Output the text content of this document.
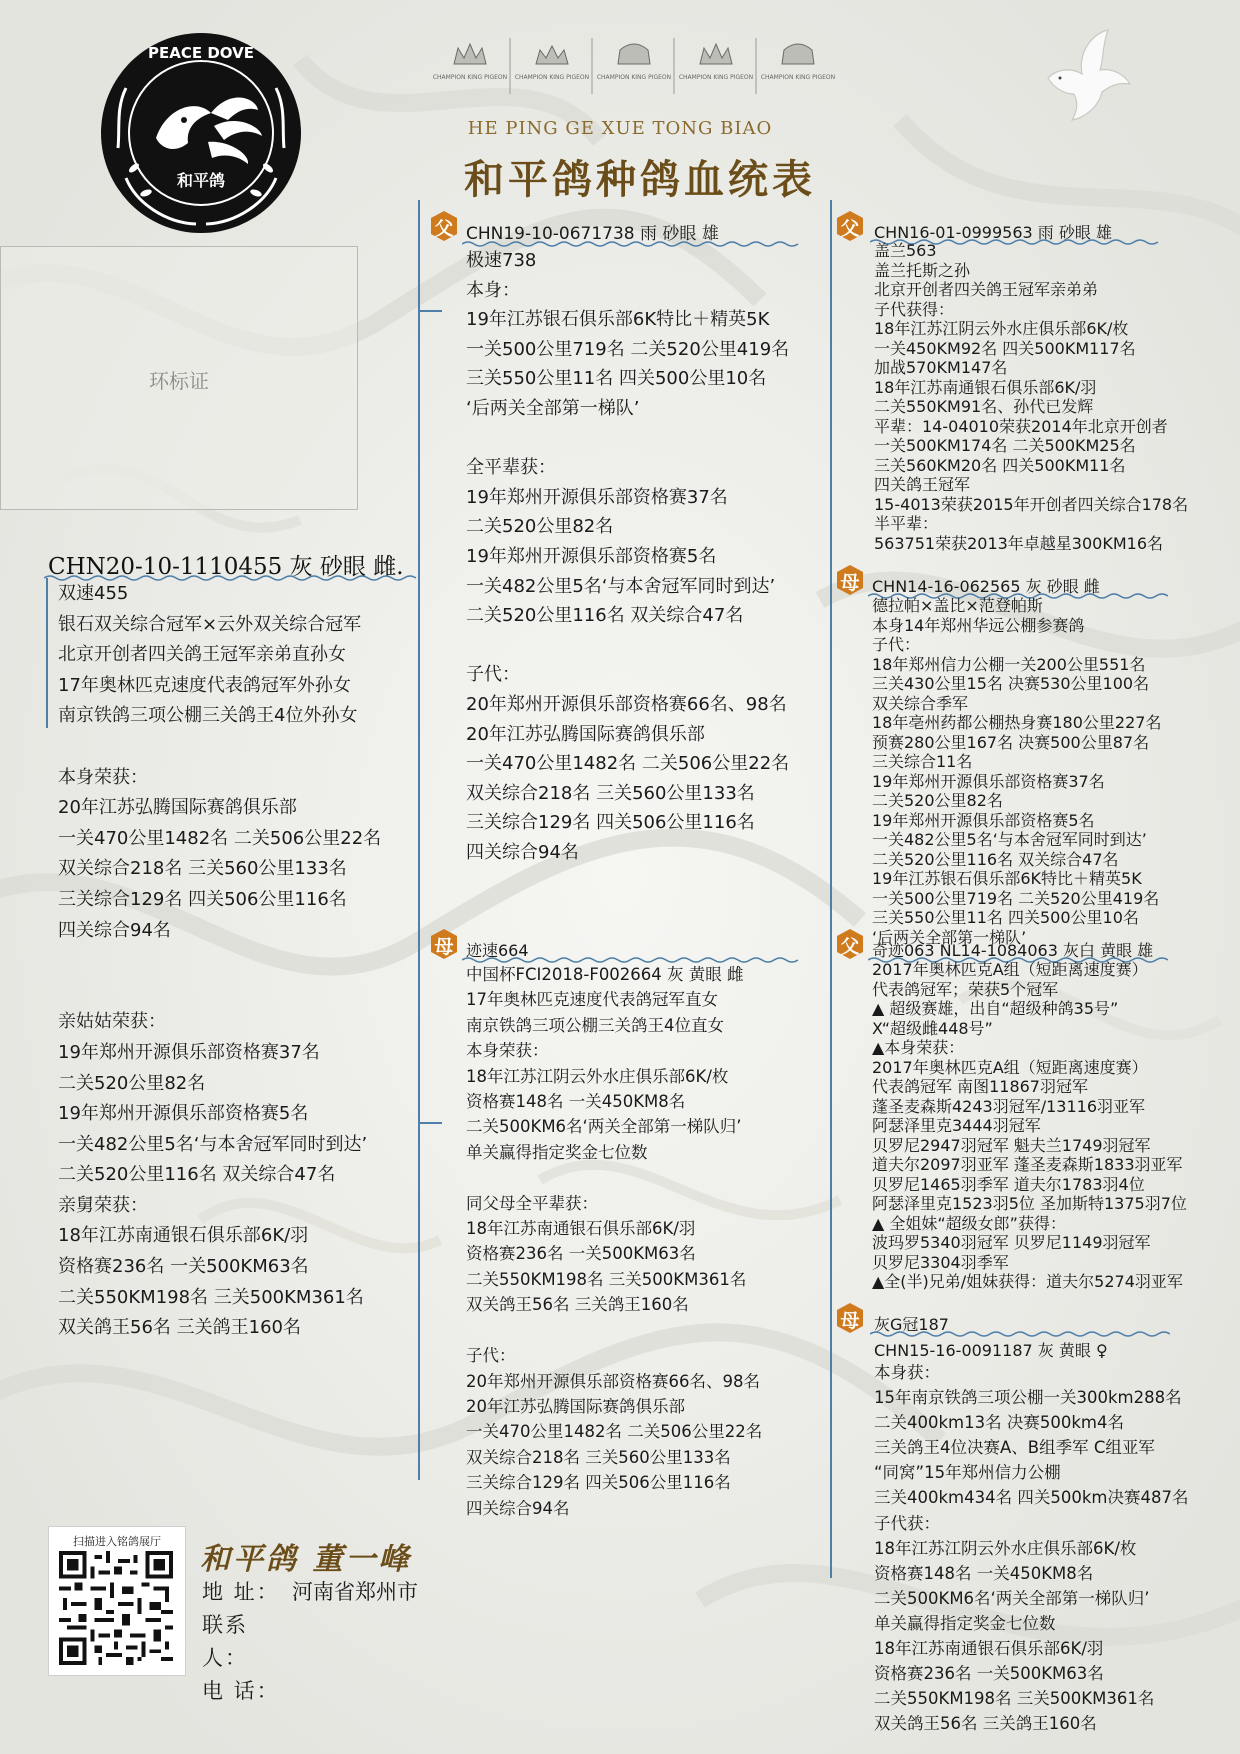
PEACE DOVE
和平鸽
CHAMPION KING PIGEON CHAMPION KING PIGEON CHAMPION KING PIGEON CHAMPION KING PIGEON CHAMPION KING PIGEON
HE PING GE XUE TONG BIAO
和平鸽种鸽血统表
环标证
CHN20-10-1110455 灰 砂眼 雌.
双速455
银石双关综合冠军×云外双关综合冠军
北京开创者四关鸽王冠军亲弟直孙女
17年奥林匹克速度代表鸽冠军外孙女
南京铁鸽三项公棚三关鸽王4位外孙女

本身荣获：
20年江苏弘腾国际赛鸽俱乐部
一关470公里1482名 二关506公里22名
双关综合218名 三关560公里133名
三关综合129名 四关506公里116名
四关综合94名

亲姑姑荣获：
19年郑州开源俱乐部资格赛37名
二关520公里82名
19年郑州开源俱乐部资格赛5名
一关482公里5名‘与本舍冠军同时到达’
二关520公里116名 双关综合47名
亲舅荣获：
18年江苏南通银石俱乐部6K/羽
资格赛236名 一关500KM63名
二关550KM198名 三关500KM361名
双关鸽王56名 三关鸽王160名
父 CHN19-10-0671738 雨 砂眼 雄
极速738
本身：
19年江苏银石俱乐部6K特比＋精英5K
一关500公里719名 二关520公里419名
三关550公里11名 四关500公里10名
‘后两关全部第一梯队’

全平辈获：
19年郑州开源俱乐部资格赛37名
二关520公里82名
19年郑州开源俱乐部资格赛5名
一关482公里5名‘与本舍冠军同时到达’
二关520公里116名 双关综合47名

子代：
20年郑州开源俱乐部资格赛66名、98名
20年江苏弘腾国际赛鸽俱乐部
一关470公里1482名 二关506公里22名
双关综合218名 三关560公里133名
三关综合129名 四关506公里116名
四关综合94名
母 迹速664
中国杯FCI2018-F002664 灰 黄眼 雌
17年奥林匹克速度代表鸽冠军直女
南京铁鸽三项公棚三关鸽王4位直女
本身荣获：
18年江苏江阴云外水庄俱乐部6K/枚
资格赛148名 一关450KM8名
二关500KM6名‘两关全部第一梯队归’
单关赢得指定奖金七位数

同父母全平辈获：
18年江苏南通银石俱乐部6K/羽
资格赛236名 一关500KM63名
二关550KM198名 三关500KM361名
双关鸽王56名 三关鸽王160名

子代：
20年郑州开源俱乐部资格赛66名、98名
20年江苏弘腾国际赛鸽俱乐部
一关470公里1482名 二关506公里22名
双关综合218名 三关560公里133名
三关综合129名 四关506公里116名
四关综合94名
父 CHN16-01-0999563 雨 砂眼 雄
盖兰563
盖兰托斯之孙
北京开创者四关鸽王冠军亲弟弟
子代获得：
18年江苏江阴云外水庄俱乐部6K/枚
一关450KM92名 四关500KM117名
加战570KM147名
18年江苏南通银石俱乐部6K/羽
二关550KM91名、孙代已发辉
平辈：14-04010荣获2014年北京开创者
一关500KM174名 二关500KM25名
三关560KM20名 四关500KM11名
四关鸽王冠军
15-4013荣获2015年开创者四关综合178名
半平辈：
563751荣获2013年卓越星300KM16名
母 CHN14-16-062565 灰 砂眼 雌
德拉帕×盖比×范登帕斯
本身14年郑州华远公棚参赛鸽
子代：
18年郑州信力公棚一关200公里551名
三关430公里15名 决赛530公里100名
双关综合季军
18年亳州药都公棚热身赛180公里227名
预赛280公里167名 决赛500公里87名
三关综合11名
19年郑州开源俱乐部资格赛37名
二关520公里82名
19年郑州开源俱乐部资格赛5名
一关482公里5名‘与本舍冠军同时到达’
二关520公里116名 双关综合47名
19年江苏银石俱乐部6K特比＋精英5K
一关500公里719名 二关520公里419名
三关550公里11名 四关500公里10名
‘后两关全部第一梯队’
父 奇迹063 NL14-1084063 灰白 黄眼 雄
2017年奥林匹克A组（短距离速度赛）
代表鸽冠军；荣获5个冠军
▲ 超级赛雄，出自“超级种鸽35号”
X“超级雌448号”
▲本身荣获：
2017年奥林匹克A组（短距离速度赛）
代表鸽冠军 南图11867羽冠军
蓬圣麦森斯4243羽冠军/13116羽亚军
阿瑟泽里克3444羽冠军
贝罗尼2947羽冠军 魁夫兰1749羽冠军
道夫尔2097羽亚军 蓬圣麦森斯1833羽亚军
贝罗尼1465羽季军 道夫尔1783羽4位
阿瑟泽里克1523羽5位 圣加斯特1375羽7位
▲ 全姐妹“超级女郎”获得：
波玛罗5340羽冠军 贝罗尼1149羽冠军
贝罗尼3304羽季军
▲全(半)兄弟/姐妹获得：道夫尔5274羽亚军
母 灰G冠187
CHN15-16-0091187 灰 黄眼 ♀
本身获：
15年南京铁鸽三项公棚一关300km288名
二关400km13名 决赛500km4名
三关鸽王4位决赛A、B组季军 C组亚军
“同窝”15年郑州信力公棚
三关400km434名 四关500km决赛487名
子代获：
18年江苏江阴云外水庄俱乐部6K/枚
资格赛148名 一关450KM8名
二关500KM6名‘两关全部第一梯队归’
单关赢得指定奖金七位数
18年江苏南通银石俱乐部6K/羽
资格赛236名 一关500KM63名
二关550KM198名 三关500KM361名
双关鸽王56名 三关鸽王160名
扫描进入铭鸽展厅
和平鸽 董一峰
地 址： 河南省郑州市
联系人：
电 话：
